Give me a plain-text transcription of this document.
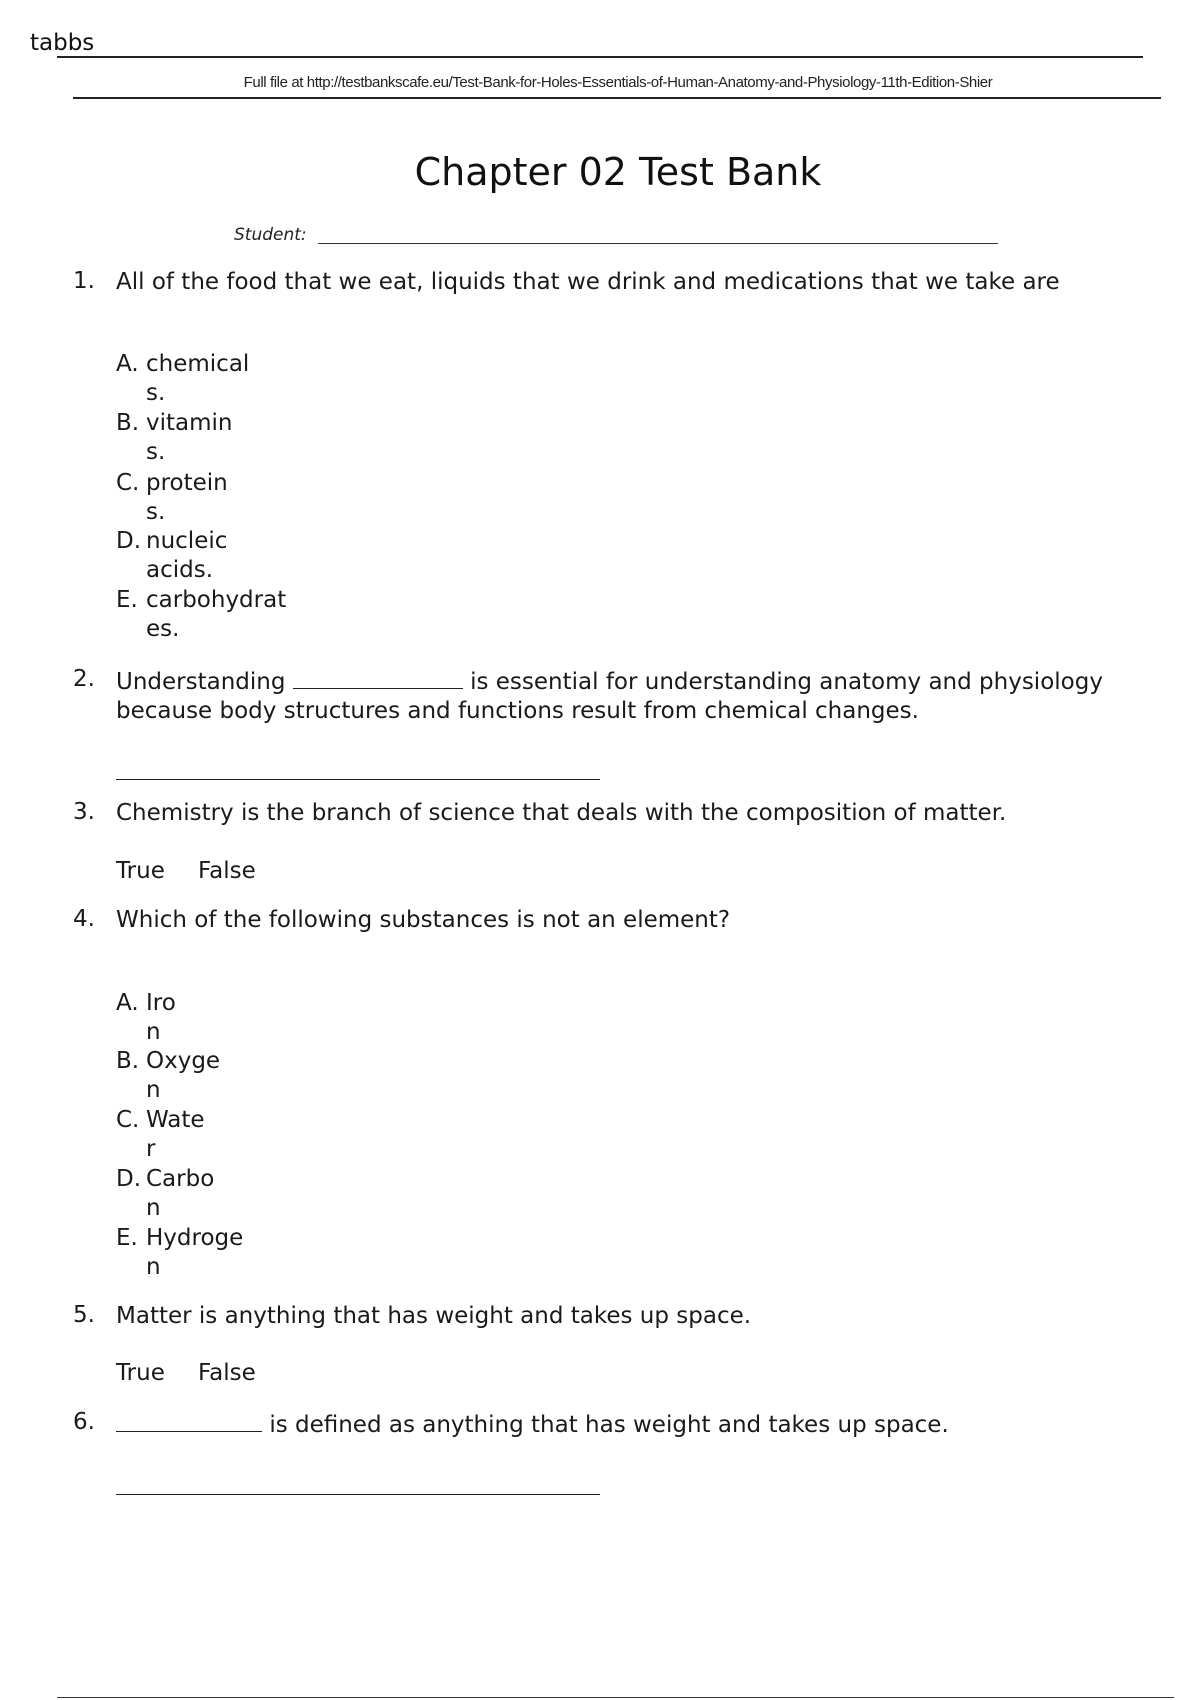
tabbs
Full file at http://testbankscafe.eu/Test-Bank-for-Holes-Essentials-of-Human-Anatomy-and-Physiology-11th-Edition-Shier
Chapter 02 Test Bank
Student:
1. All of the food that we eat, liquids that we drink and medications that we take are
A. chemical
s.
B. vitamin
s.
C. protein
s.
D. nucleic
acids.
E. carbohydrat
es.
2. Understanding	is essential for understanding anatomy and physiology
because body structures and functions result from chemical changes.
3. Chemistry is the branch of science that deals with the composition of matter.
True False
4. Which of the following substances is not an element?
A. Iro
n
B. Oxyge
n
C. Wate
r
D. Carbo
n
E. Hydroge
n
5. Matter is anything that has weight and takes up space.
True False
6.	is defined as anything that has weight and takes up space.
